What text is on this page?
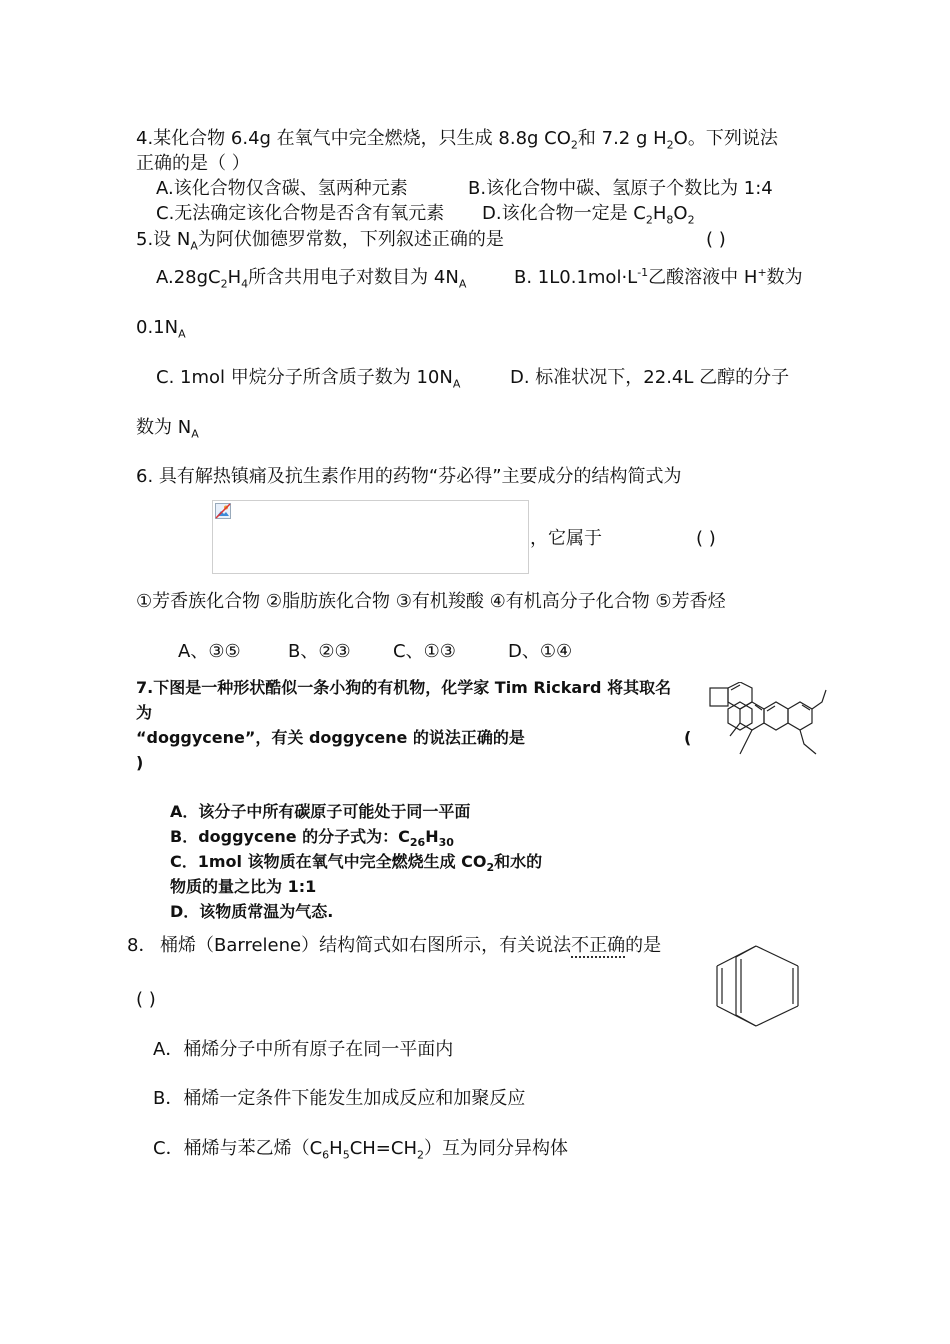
4.某化合物 6.4g 在氧气中完全燃烧，只生成 8.8g $CO_2$和 7.2 g $H_2O$。下列说法
正确的是（ ）
A.该化合物仅含碳、氢两种元素	B.该化合物中碳、氢原子个数比为 1:4
C.无法确定该化合物是否含有氧元素 D.该化合物一定是 $C_2H_8O_2$
5.设 $N_A$为阿伏伽德罗常数，下列叙述正确的是	( )
$A.28gC_2H_4$所含共用电子对数目为 $4N_A$	B. $1L0.1mol\cdot L^{-1}$乙酸溶液中 H+数为
$0.1N_A$
C. 1mol 甲烷分子所含质子数为 $10N_A$	D. 标准状况下，22.4L 乙醇的分子
数为 $N_A$
6. 具有解热镇痛及抗生素作用的药物“芬必得”主要成分的结构简式为
，它属于	( )
①芳香族化合物 ②脂肪族化合物 ③有机羧酸 ④有机高分子化合物 ⑤芳香烃
A、③⑤	B、②③ C、①③	D、①④
7.下图是一种形状酷似一条小狗的有机物，化学家 Tim Rickard 将其取名
为
“doggycene”，有关 doggycene 的说法正确的是	(
)
A．该分子中所有碳原子可能处于同一平面
B．doggycene 的分子式为：$C_{26}H_{30}$
C．1mol 该物质在氧气中完全燃烧生成 $CO_2$和水的
物质的量之比为 1:1
D．该物质常温为气态.
8． 桶烯（Barrelene）结构简式如右图所示，有关说法不正确的是
( )
A．桶烯分子中所有原子在同一平面内
B．桶烯一定条件下能发生加成反应和加聚反应
C．桶烯与苯乙烯$(C_6H_5CH=CH_2)$互为同分异构体
